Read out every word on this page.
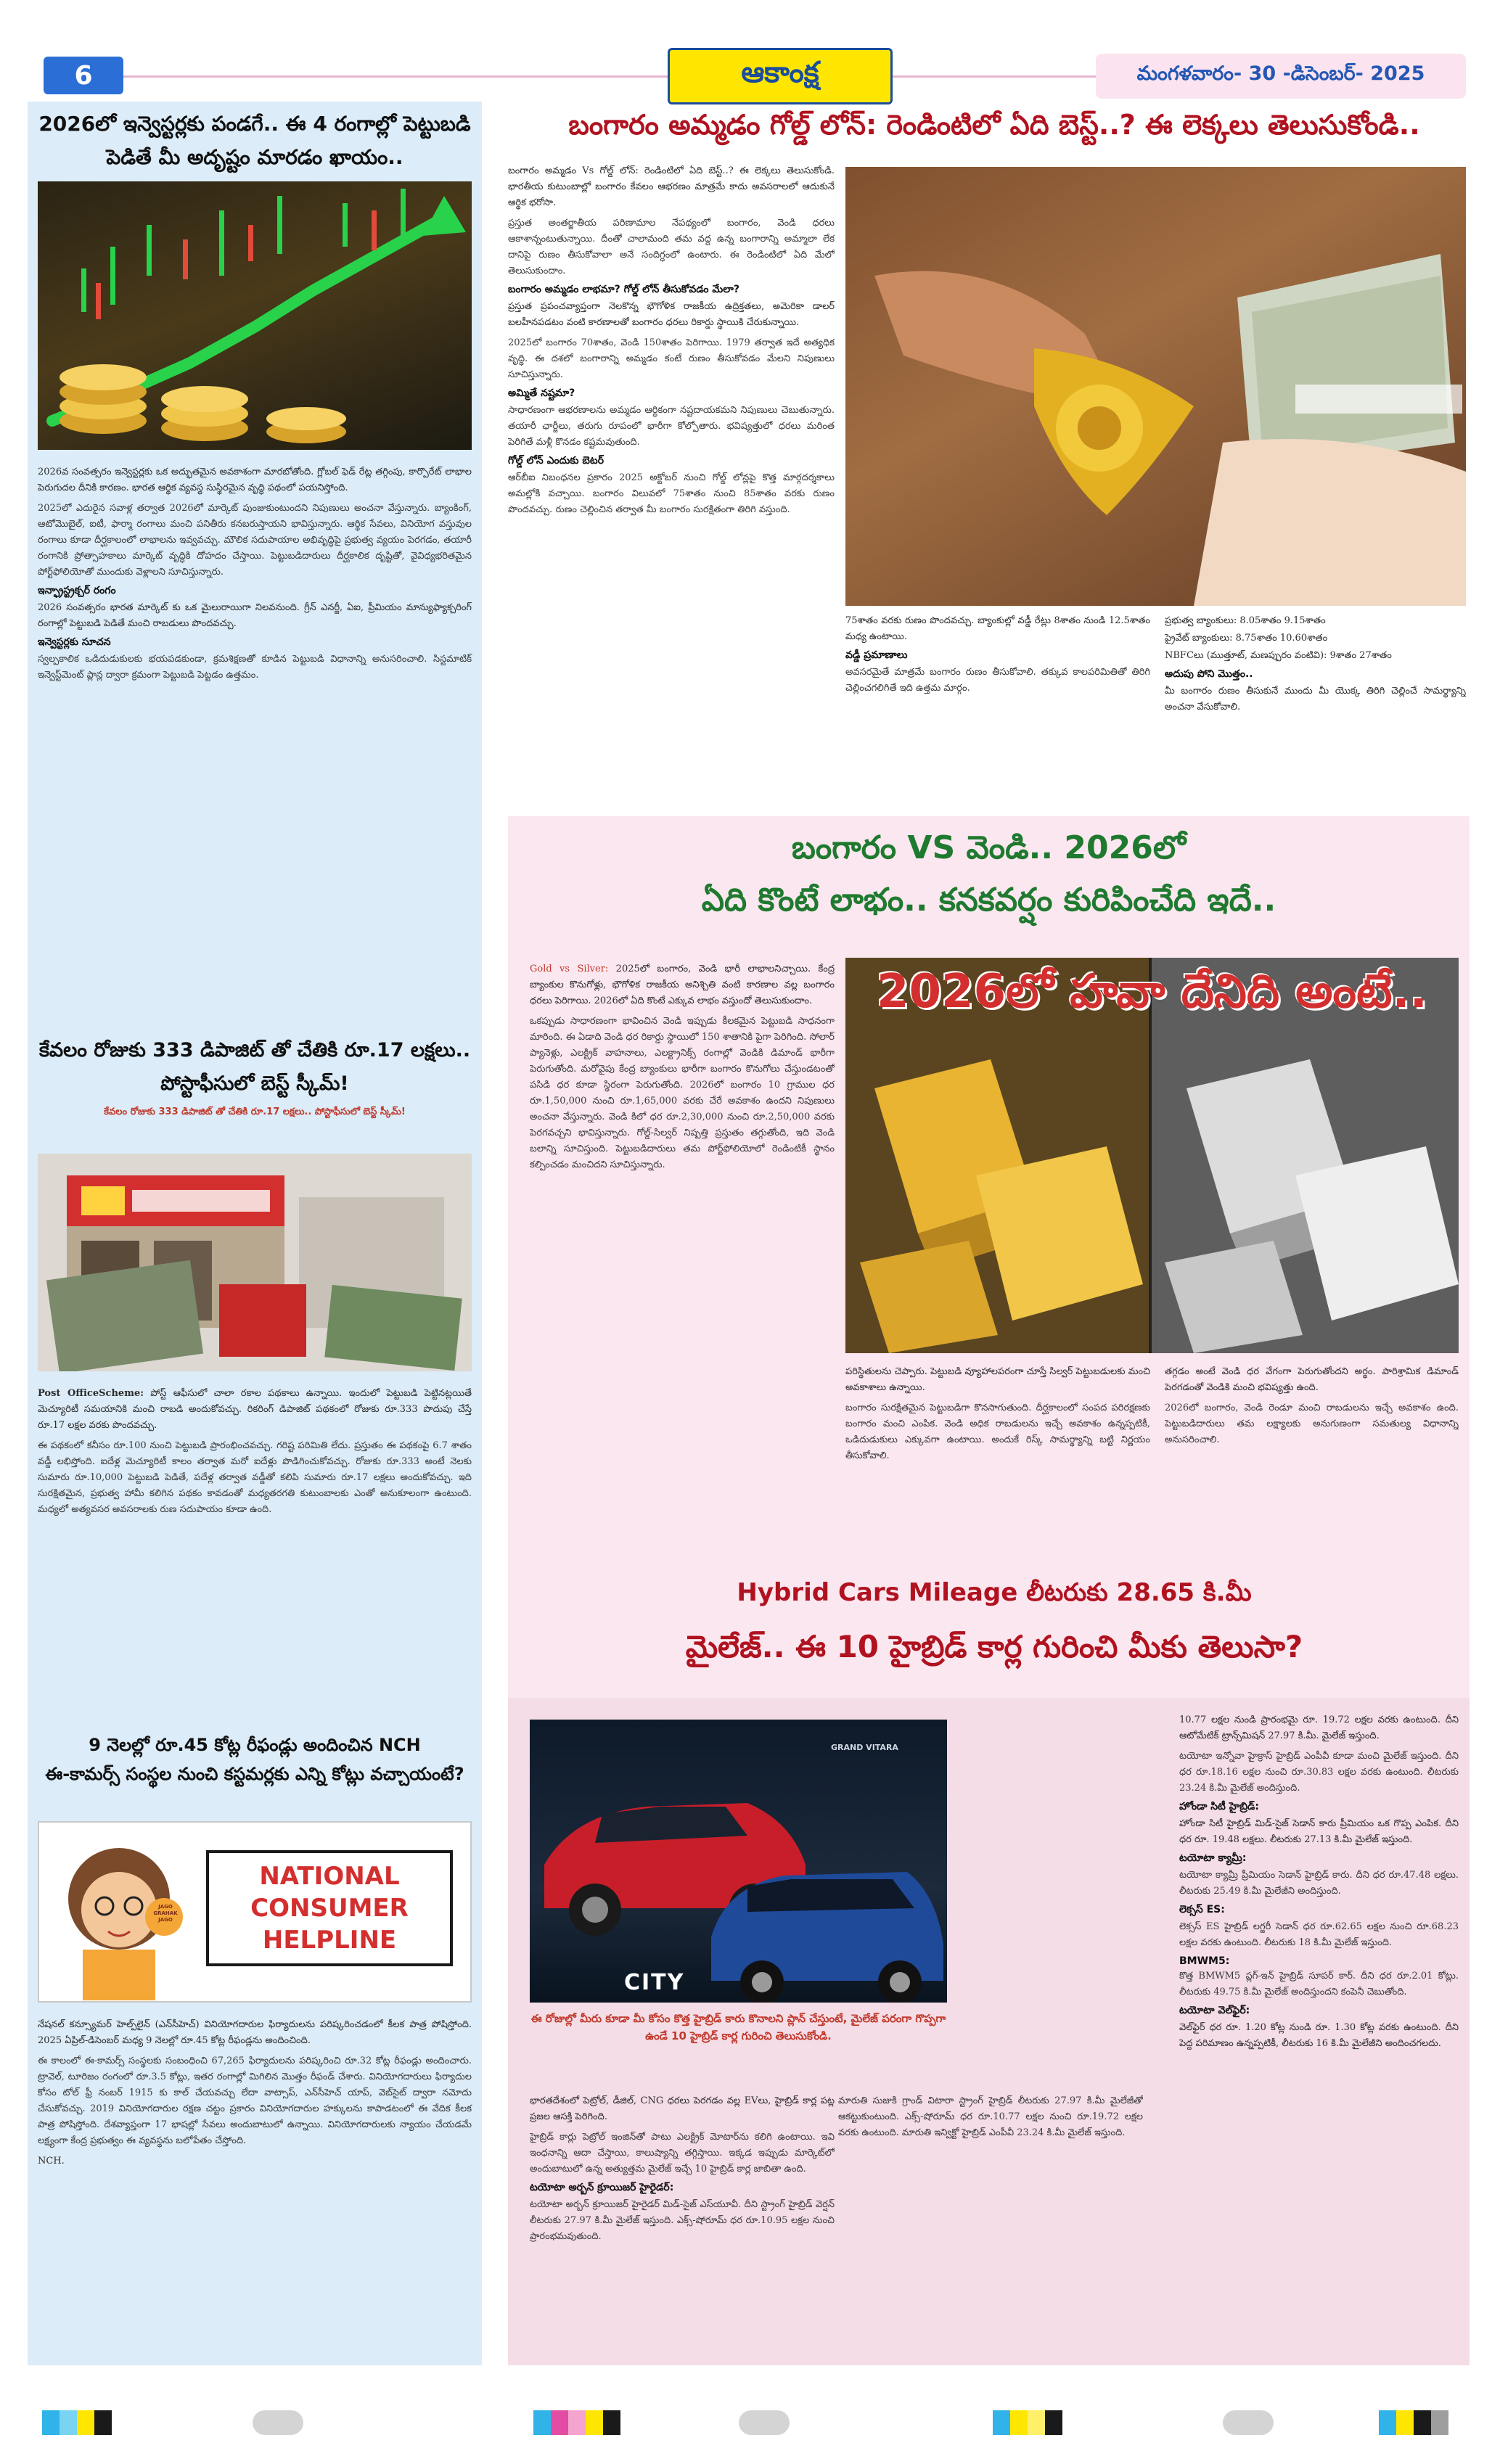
6	ఆకాంక్ష	మంగళవారం- 30 -డిసెంబర్- 2025
2026లో ఇన్వెస్టర్లకు పండగే.. ఈ 4 రంగాల్లో పెట్టుబడి పెడితే మీ అదృష్టం మారడం ఖాయం..

2026వ సంవత్సరం ఇన్వెస్టర్లకు ఒక అద్భుతమైన అవకాశంగా మారబోతోంది. గ్లోబల్ ఫెడ్ రేట్ల తగ్గింపు, కార్పొరేట్ లాభాల పెరుగుదల దీనికి కారణం. భారత ఆర్థిక వ్యవస్థ సుస్థిరమైన వృద్ధి పథంలో పయనిస్తోంది.

2025లో ఎదురైన సవాళ్ల తర్వాత 2026లో మార్కెట్ పుంజుకుంటుందని నిపుణులు అంచనా వేస్తున్నారు. బ్యాంకింగ్, ఆటోమొబైల్, ఐటీ, ఫార్మా రంగాలు మంచి పనితీరు కనబరుస్తాయని భావిస్తున్నారు. ఆర్థిక సేవలు, వినియోగ వస్తువుల రంగాలు కూడా దీర్ఘకాలంలో లాభాలను ఇవ్వవచ్చు. మౌలిక సదుపాయాల అభివృద్ధిపై ప్రభుత్వ వ్యయం పెరగడం, తయారీ రంగానికి ప్రోత్సాహకాలు మార్కెట్ వృద్ధికి దోహదం చేస్తాయి. పెట్టుబడిదారులు దీర్ఘకాలిక దృష్టితో, వైవిధ్యభరితమైన పోర్ట్‌ఫోలియోతో ముందుకు వెళ్లాలని సూచిస్తున్నారు.

ఇన్ఫ్రాస్ట్రక్చర్ రంగం

2026 సంవత్సరం భారత మార్కెట్ కు ఒక మైలురాయిగా నిలవనుంది. గ్రీన్ ఎనర్జీ, ఏఐ, ప్రీమియం మాన్యుఫ్యాక్చరింగ్ రంగాల్లో పెట్టుబడి పెడితే మంచి రాబడులు పొందవచ్చు.

ఇన్వెస్టర్లకు సూచన

స్వల్పకాలిక ఒడిదుడుకులకు భయపడకుండా, క్రమశిక్షణతో కూడిన పెట్టుబడి విధానాన్ని అనుసరించాలి. సిస్టమాటిక్ ఇన్వెస్ట్‌మెంట్ ప్లాన్ల ద్వారా క్రమంగా పెట్టుబడి పెట్టడం ఉత్తమం.

కేవలం రోజుకు 333 డిపాజిట్ తో చేతికి రూ.17 లక్షలు.. పోస్టాఫీసులో బెస్ట్ స్కీమ్!
కేవలం రోజుకు 333 డిపాజిట్ తో చేతికి రూ.17 లక్షలు.. పోస్టాఫీసులో బెస్ట్ స్కీమ్!

Post OfficeScheme: పోస్ట్ ఆఫీసులో చాలా రకాల పథకాలు ఉన్నాయి. ఇందులో పెట్టుబడి పెట్టినట్లయితే మెచ్యూరిటీ సమయానికి మంచి రాబడి అందుకోవచ్చు. రికరింగ్ డిపాజిట్ పథకంలో రోజుకు రూ.333 పొదుపు చేస్తే రూ.17 లక్షల వరకు పొందవచ్చు.

ఈ పథకంలో కనీసం రూ.100 నుంచి పెట్టుబడి ప్రారంభించవచ్చు. గరిష్ట పరిమితి లేదు. ప్రస్తుతం ఈ పథకంపై 6.7 శాతం వడ్డీ లభిస్తోంది. ఐదేళ్ల మెచ్యూరిటీ కాలం తర్వాత మరో ఐదేళ్లు పొడిగించుకోవచ్చు. రోజుకు రూ.333 అంటే నెలకు సుమారు రూ.10,000 పెట్టుబడి పెడితే, పదేళ్ల తర్వాత వడ్డీతో కలిపి సుమారు రూ.17 లక్షలు అందుకోవచ్చు. ఇది సురక్షితమైన, ప్రభుత్వ హామీ కలిగిన పథకం కావడంతో మధ్యతరగతి కుటుంబాలకు ఎంతో అనుకూలంగా ఉంటుంది. మధ్యలో అత్యవసర అవసరాలకు రుణ సదుపాయం కూడా ఉంది.

9 నెలల్లో రూ.45 కోట్ల రీఫండ్లు అందించిన NCH
ఈ-కామర్స్ సంస్థల నుంచి కస్టమర్లకు ఎన్ని కోట్లు వచ్చాయంటే?
JAGO GRAHAK JAGO
NATIONAL CONSUMER HELPLINE

నేషనల్ కన్స్యూమర్ హెల్ప్‌లైన్ (ఎన్‌సీహెచ్) వినియోగదారుల ఫిర్యాదులను పరిష్కరించడంలో కీలక పాత్ర పోషిస్తోంది. 2025 ఏప్రిల్-డిసెంబర్ మధ్య 9 నెలల్లో రూ.45 కోట్ల రీఫండ్లను అందించింది.

ఈ కాలంలో ఈ-కామర్స్ సంస్థలకు సంబంధించి 67,265 ఫిర్యాదులను పరిష్కరించి రూ.32 కోట్ల రీఫండ్లు అందించారు. ట్రావెల్, టూరిజం రంగంలో రూ.3.5 కోట్లు, ఇతర రంగాల్లో మిగిలిన మొత్తం రీఫండ్ చేశారు. వినియోగదారులు ఫిర్యాదుల కోసం టోల్ ఫ్రీ నంబర్ 1915 కు కాల్ చేయవచ్చు లేదా వాట్సాప్, ఎన్‌సీహెచ్ యాప్, వెబ్‌సైట్ ద్వారా నమోదు చేసుకోవచ్చు. 2019 వినియోగదారుల రక్షణ చట్టం ప్రకారం వినియోగదారుల హక్కులను కాపాడటంలో ఈ వేదిక కీలక పాత్ర పోషిస్తోంది. దేశవ్యాప్తంగా 17 భాషల్లో సేవలు అందుబాటులో ఉన్నాయి. వినియోగదారులకు న్యాయం చేయడమే లక్ష్యంగా కేంద్ర ప్రభుత్వం ఈ వ్యవస్థను బలోపేతం చేస్తోంది.

NCH.

బంగారం అమ్మడం గోల్డ్ లోన్: రెండింటిలో ఏది బెస్ట్..? ఈ లెక్కలు తెలుసుకోండి..

బంగారం అమ్మడం Vs గోల్డ్ లోన్: రెండింటిలో ఏది బెస్ట్..? ఈ లెక్కలు తెలుసుకోండి. భారతీయ కుటుంబాల్లో బంగారం కేవలం ఆభరణం మాత్రమే కాదు అవసరాలలో ఆదుకునే ఆర్థిక భరోసా.

ప్రస్తుత అంతర్జాతీయ పరిణామాల నేపథ్యంలో బంగారం, వెండి ధరలు ఆకాశాన్నంటుతున్నాయి. దీంతో చాలామంది తమ వద్ద ఉన్న బంగారాన్ని అమ్మాలా లేక దానిపై రుణం తీసుకోవాలా అనే సందిగ్ధంలో ఉంటారు. ఈ రెండింటిలో ఏది మేలో తెలుసుకుందాం.

బంగారం అమ్మడం లాభమా? గోల్డ్ లోన్ తీసుకోవడం మేలా?

ప్రస్తుత ప్రపంచవ్యాప్తంగా నెలకొన్న భౌగోళిక రాజకీయ ఉద్రిక్తతలు, అమెరికా డాలర్ బలహీనపడటం వంటి కారణాలతో బంగారం ధరలు రికార్డు స్థాయికి చేరుకున్నాయి.

2025లో బంగారం 70శాతం, వెండి 150శాతం పెరిగాయి. 1979 తర్వాత ఇదే అత్యధిక వృద్ధి. ఈ దశలో బంగారాన్ని అమ్మడం కంటే రుణం తీసుకోవడం మేలని నిపుణులు సూచిస్తున్నారు.

అమ్మితే నష్టమా?

సాధారణంగా ఆభరణాలను అమ్మడం ఆర్థికంగా నష్టదాయకమని నిపుణులు చెబుతున్నారు. తయారీ ఛార్జీలు, తరుగు రూపంలో భారీగా కోల్పోతారు. భవిష్యత్తులో ధరలు మరింత పెరిగితే మళ్లీ కొనడం కష్టమవుతుంది.

గోల్డ్ లోన్ ఎందుకు బెటర్

ఆర్‌బీఐ నిబంధనల ప్రకారం 2025 అక్టోబర్ నుంచి గోల్డ్ లోన్లపై కొత్త మార్గదర్శకాలు అమల్లోకి వచ్చాయి. బంగారం విలువలో 75శాతం నుంచి 85శాతం వరకు రుణం పొందవచ్చు. రుణం చెల్లించిన తర్వాత మీ బంగారం సురక్షితంగా తిరిగి వస్తుంది.

75శాతం వరకు రుణం పొందవచ్చు. బ్యాంకుల్లో వడ్డీ రేట్లు 8శాతం నుండి 12.5శాతం మధ్య ఉంటాయి.

వడ్డీ ప్రమాణాలు

అవసరమైతే మాత్రమే బంగారం రుణం తీసుకోవాలి. తక్కువ కాలపరిమితితో తిరిగి చెల్లించగలిగితే ఇది ఉత్తమ మార్గం.

ప్రభుత్వ బ్యాంకులు: 8.05శాతం 9.15శాతం

ప్రైవేట్ బ్యాంకులు: 8.75శాతం 10.60శాతం

NBFCలు (ముత్తూట్, మణప్పురం వంటివి): 9శాతం 27శాతం

అదుపు పోని మొత్తం..

మీ బంగారం రుణం తీసుకునే ముందు మీ యొక్క తిరిగి చెల్లించే సామర్థ్యాన్ని అంచనా వేసుకోవాలి.

బంగారం VS వెండి.. 2026లో
ఏది కొంటే లాభం.. కనకవర్షం కురిపించేది ఇదే..

Gold vs Silver: 2025లో బంగారం, వెండి భారీ లాభాలనిచ్చాయి. కేంద్ర బ్యాంకుల కొనుగోళ్లు, భౌగోళిక రాజకీయ అనిశ్చితి వంటి కారణాల వల్ల బంగారం ధరలు పెరిగాయి. 2026లో ఏది కొంటే ఎక్కువ లాభం వస్తుందో తెలుసుకుందాం.

ఒకప్పుడు సాధారణంగా భావించిన వెండి ఇప్పుడు కీలకమైన పెట్టుబడి సాధనంగా మారింది. ఈ ఏడాది వెండి ధర రికార్డు స్థాయిలో 150 శాతానికి పైగా పెరిగింది. సోలార్ ప్యానెళ్లు, ఎలక్ట్రిక్ వాహనాలు, ఎలక్ట్రానిక్స్ రంగాల్లో వెండికి డిమాండ్ భారీగా పెరుగుతోంది. మరోవైపు కేంద్ర బ్యాంకులు భారీగా బంగారం కొనుగోలు చేస్తుండటంతో పసిడి ధర కూడా స్థిరంగా పెరుగుతోంది. 2026లో బంగారం 10 గ్రాముల ధర రూ.1,50,000 నుంచి రూ.1,65,000 వరకు చేరే అవకాశం ఉందని నిపుణులు అంచనా వేస్తున్నారు. వెండి కిలో ధర రూ.2,30,000 నుంచి రూ.2,50,000 వరకు పెరగవచ్చని భావిస్తున్నారు. గోల్డ్-సిల్వర్ నిష్పత్తి ప్రస్తుతం తగ్గుతోంది, ఇది వెండి బలాన్ని సూచిస్తుంది. పెట్టుబడిదారులు తమ పోర్ట్‌ఫోలియోలో రెండింటికీ స్థానం కల్పించడం మంచిదని సూచిస్తున్నారు.

2026లో హవా దేనిది అంటే..

పరిస్థితులను చెప్పారు. పెట్టుబడి వ్యూహాలపరంగా చూస్తే సిల్వర్ పెట్టుబడులకు మంచి అవకాశాలు ఉన్నాయి.

బంగారం సురక్షితమైన పెట్టుబడిగా కొనసాగుతుంది. దీర్ఘకాలంలో సంపద పరిరక్షణకు బంగారం మంచి ఎంపిక. వెండి అధిక రాబడులను ఇచ్చే అవకాశం ఉన్నప్పటికీ, ఒడిదుడుకులు ఎక్కువగా ఉంటాయి. అందుకే రిస్క్ సామర్థ్యాన్ని బట్టి నిర్ణయం తీసుకోవాలి.

తగ్గడం అంటే వెండి ధర వేగంగా పెరుగుతోందని అర్థం. పారిశ్రామిక డిమాండ్ పెరగడంతో వెండికి మంచి భవిష్యత్తు ఉంది.

2026లో బంగారం, వెండి రెండూ మంచి రాబడులను ఇచ్చే అవకాశం ఉంది. పెట్టుబడిదారులు తమ లక్ష్యాలకు అనుగుణంగా సమతుల్య విధానాన్ని అనుసరించాలి.

Hybrid Cars Mileage లీటరుకు 28.65 కి.మీ
మైలేజ్.. ఈ 10 హైబ్రిడ్ కార్ల గురించి మీకు తెలుసా?
GRAND VITARA
CITY
ఈ రోజుల్లో మీరు కూడా మీ కోసం కొత్త హైబ్రిడ్ కారు కొనాలని ప్లాన్ చేస్తుంటే, మైలేజ్ పరంగా గొప్పగా ఉండే 10 హైబ్రిడ్ కార్ల గురించి తెలుసుకోండి.

భారతదేశంలో పెట్రోల్, డీజిల్, CNG ధరలు పెరగడం వల్ల EVలు, హైబ్రిడ్ కార్ల పట్ల ప్రజల ఆసక్తి పెరిగింది.

హైబ్రిడ్ కార్లు పెట్రోల్ ఇంజిన్‌తో పాటు ఎలక్ట్రిక్ మోటార్‌ను కలిగి ఉంటాయి. ఇవి ఇంధనాన్ని ఆదా చేస్తాయి, కాలుష్యాన్ని తగ్గిస్తాయి. ఇక్కడ ఇప్పుడు మార్కెట్‌లో అందుబాటులో ఉన్న అత్యుత్తమ మైలేజ్ ఇచ్చే 10 హైబ్రిడ్ కార్ల జాబితా ఉంది.

టయోటా అర్బన్ క్రూయిజర్ హైరైడర్:

టయోటా అర్బన్ క్రూయిజర్ హైరైడర్ మిడ్-సైజ్ ఎస్‌యూవీ. దీని స్ట్రాంగ్ హైబ్రిడ్ వెర్షన్ లీటరుకు 27.97 కి.మీ మైలేజ్ ఇస్తుంది. ఎక్స్‌-షోరూమ్ ధర రూ.10.95 లక్షల నుంచి ప్రారంభమవుతుంది.

మారుతి సుజుకి గ్రాండ్ విటారా స్ట్రాంగ్ హైబ్రిడ్ లీటరుకు 27.97 కి.మీ మైలేజీతో ఆకట్టుకుంటుంది. ఎక్స్‌-షోరూమ్ ధర రూ.10.77 లక్షల నుంచి రూ.19.72 లక్షల వరకు ఉంటుంది. మారుతి ఇన్విక్టో హైబ్రిడ్ ఎంపీవీ 23.24 కి.మీ మైలేజ్ ఇస్తుంది.

10.77 లక్షల నుండి ప్రారంభమై రూ. 19.72 లక్షల వరకు ఉంటుంది. దీని ఆటోమేటిక్ ట్రాన్స్‌మిషన్ 27.97 కి.మీ. మైలేజ్ ఇస్తుంది.

టయోటా ఇన్నోవా హైక్రాస్ హైబ్రిడ్ ఎంపీవీ కూడా మంచి మైలేజ్ ఇస్తుంది. దీని ధర రూ.18.16 లక్షల నుంచి రూ.30.83 లక్షల వరకు ఉంటుంది. లీటరుకు 23.24 కి.మీ మైలేజ్ అందిస్తుంది.

హోండా సిటీ హైబ్రిడ్:

హోండా సిటీ హైబ్రిడ్ మిడ్-సైజ్ సెడాన్ కారు ప్రీమియం ఒక గొప్ప ఎంపిక. దీని ధర రూ. 19.48 లక్షలు. లీటరుకు 27.13 కి.మీ మైలేజ్ ఇస్తుంది.

టయోటా క్యామ్రీ:

టయోటా క్యామ్రీ ప్రీమియం సెడాన్ హైబ్రిడ్ కారు. దీని ధర రూ.47.48 లక్షలు. లీటరుకు 25.49 కి.మీ మైలేజీని అందిస్తుంది.

లెక్సస్ ES:

లెక్సస్ ES హైబ్రిడ్ లగ్జరీ సెడాన్ ధర రూ.62.65 లక్షల నుంచి రూ.68.23 లక్షల వరకు ఉంటుంది. లీటరుకు 18 కి.మీ మైలేజ్ ఇస్తుంది.

BMWM5:

కొత్త BMWM5 ప్లగ్-ఇన్ హైబ్రిడ్ సూపర్ కార్. దీని ధర రూ.2.01 కోట్లు. లీటరుకు 49.75 కి.మీ మైలేజ్ అందిస్తుందని కంపెనీ చెబుతోంది.

టయోటా వెల్‌ఫైర్:

వెల్‌ఫైర్ ధర రూ. 1.20 కోట్ల నుండి రూ. 1.30 కోట్ల వరకు ఉంటుంది. దీని పెద్ద పరిమాణం ఉన్నప్పటికీ, లీటరుకు 16 కి.మీ మైలేజీని అందించగలదు.
